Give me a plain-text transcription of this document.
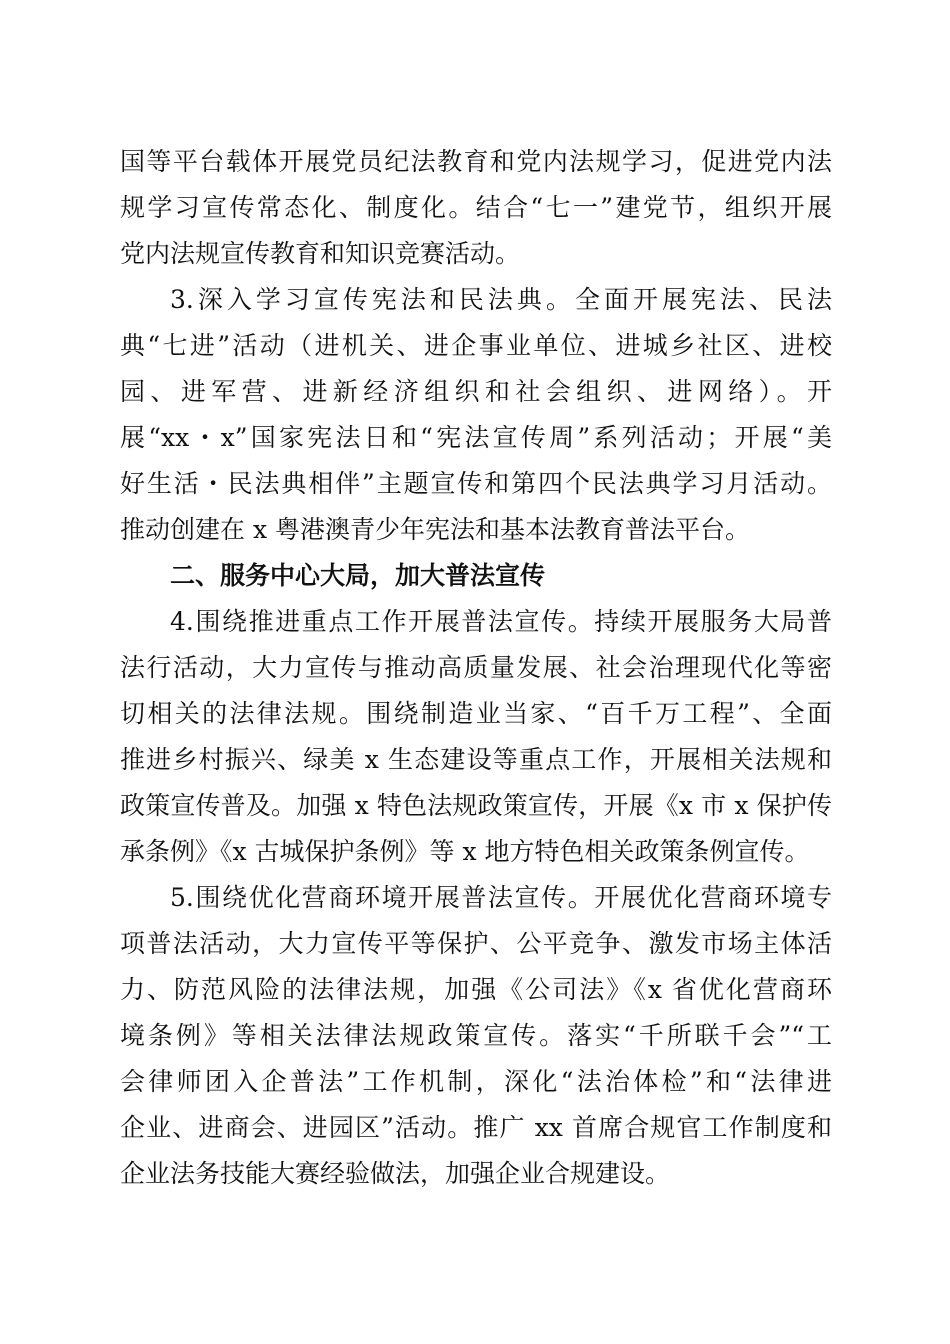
国等平台载体开展党员纪法教育和党内法规学习，促进党内法
规学习宣传常态化、制度化。结合“七一”建党节，组织开展
党内法规宣传教育和知识竞赛活动。
3.深入学习宣传宪法和民法典。全面开展宪法、民法
典“七进”活动（进机关、进企事业单位、进城乡社区、进校
园、进军营、进新经济组织和社会组织、进网络）。开
展“xx・x”国家宪法日和“宪法宣传周”系列活动；开展“美
好生活・民法典相伴”主题宣传和第四个民法典学习月活动。
推动创建在 x 粤港澳青少年宪法和基本法教育普法平台。
二、服务中心大局，加大普法宣传
4.围绕推进重点工作开展普法宣传。持续开展服务大局普
法行活动，大力宣传与推动高质量发展、社会治理现代化等密
切相关的法律法规。围绕制造业当家、“百千万工程”、全面
推进乡村振兴、绿美 x 生态建设等重点工作，开展相关法规和
政策宣传普及。加强 x 特色法规政策宣传，开展《x 市 x 保护传
承条例》《x 古城保护条例》等 x 地方特色相关政策条例宣传。
5.围绕优化营商环境开展普法宣传。开展优化营商环境专
项普法活动，大力宣传平等保护、公平竞争、激发市场主体活
力、防范风险的法律法规，加强《公司法》《x 省优化营商环
境条例》等相关法律法规政策宣传。落实“千所联千会”“工
会律师团入企普法”工作机制，深化“法治体检”和“法律进
企业、进商会、进园区”活动。推广 xx 首席合规官工作制度和
企业法务技能大赛经验做法，加强企业合规建设。
